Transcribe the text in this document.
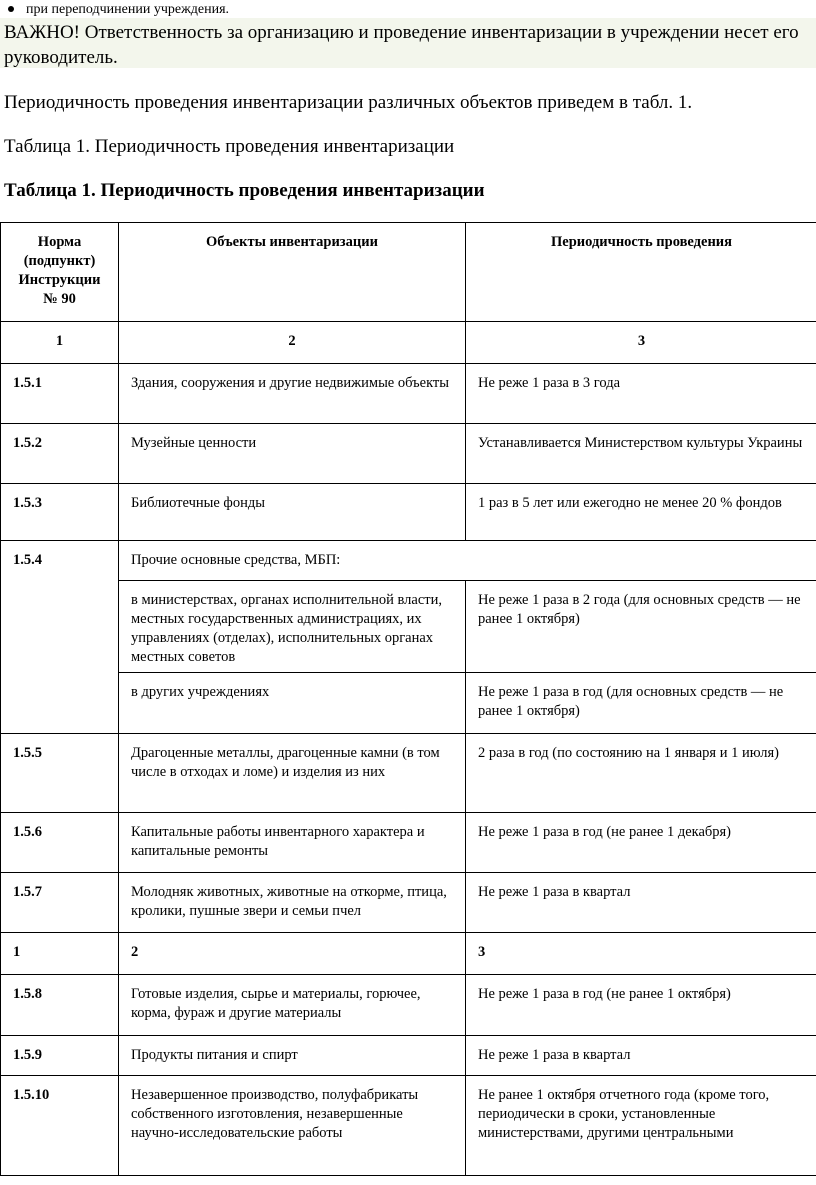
при переподчинении учреждения.
ВАЖНО! Ответственность за организацию и проведение инвентаризации в учреждении несет его руководитель.
Периодичность проведения инвентаризации различных объектов приведем в табл. 1.
Таблица 1. Периодичность проведения инвентаризации
Таблица 1. Периодичность проведения инвентаризации
Норма (подпункт) Инструкции № 90	Объекты инвентаризации	Периодичность проведения
1	2	3
1.5.1	Здания, сооружения и другие недвижимые объекты	Не реже 1 раза в 3 года
1.5.2	Музейные ценности	Устанавливается Министерством культуры Украины
1.5.3	Библиотечные фонды	1 раз в 5 лет или ежегодно не менее 20 % фондов
1.5.4	Прочие основные средства, МБП:	
	в министерствах, органах исполнительной власти, местных государственных администрациях, их управлениях (отделах), исполнительных органах местных советов	Не реже 1 раза в 2 года (для основных средств — не ранее 1 октября)
	в других учреждениях	Не реже 1 раза в год (для основных средств — не ранее 1 октября)
1.5.5	Драгоценные металлы, драгоценные камни (в том числе в отходах и ломе) и изделия из них	2 раза в год (по состоянию на 1 января и 1 июля)
1.5.6	Капитальные работы инвентарного характера и капитальные ремонты	Не реже 1 раза в год (не ранее 1 декабря)
1.5.7	Молодняк животных, животные на откорме, птица, кролики, пушные звери и семьи пчел	Не реже 1 раза в квартал
1	2	3
1.5.8	Готовые изделия, сырье и материалы, горючее, корма, фураж и другие материалы	Не реже 1 раза в год (не ранее 1 октября)
1.5.9	Продукты питания и спирт	Не реже 1 раза в квартал
1.5.10	Незавершенное производство, полуфабрикаты собственного изготовления, незавершенные научно-исследовательские работы	Не ранее 1 октября отчетного года (кроме того, периодически в сроки, установленные министерствами, другими центральными
